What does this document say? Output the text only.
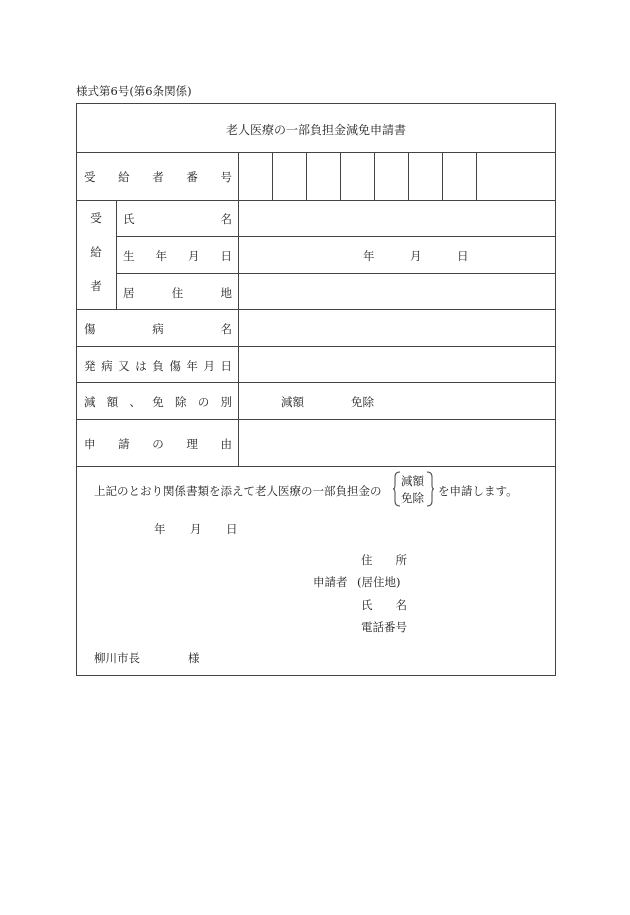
様式第6号(第6条関係)
老人医療の一部負担金減免申請書
受 給 者 番 号
受
給
者
氏	名
生 年 月 日	年	月	日
居	住	地
傷	病	名
発 病 又 は 負 傷 年 月 日
減 額 、 免 除 の 別	減額	免除
申 請 の 理 由
上記のとおり関係書類を添えて老人医療の一部負担金の
減額
免除 を申請します。
年 月 日
住　　所
申請者 (居住地)
氏　　名
電話番号
柳川市長	様
